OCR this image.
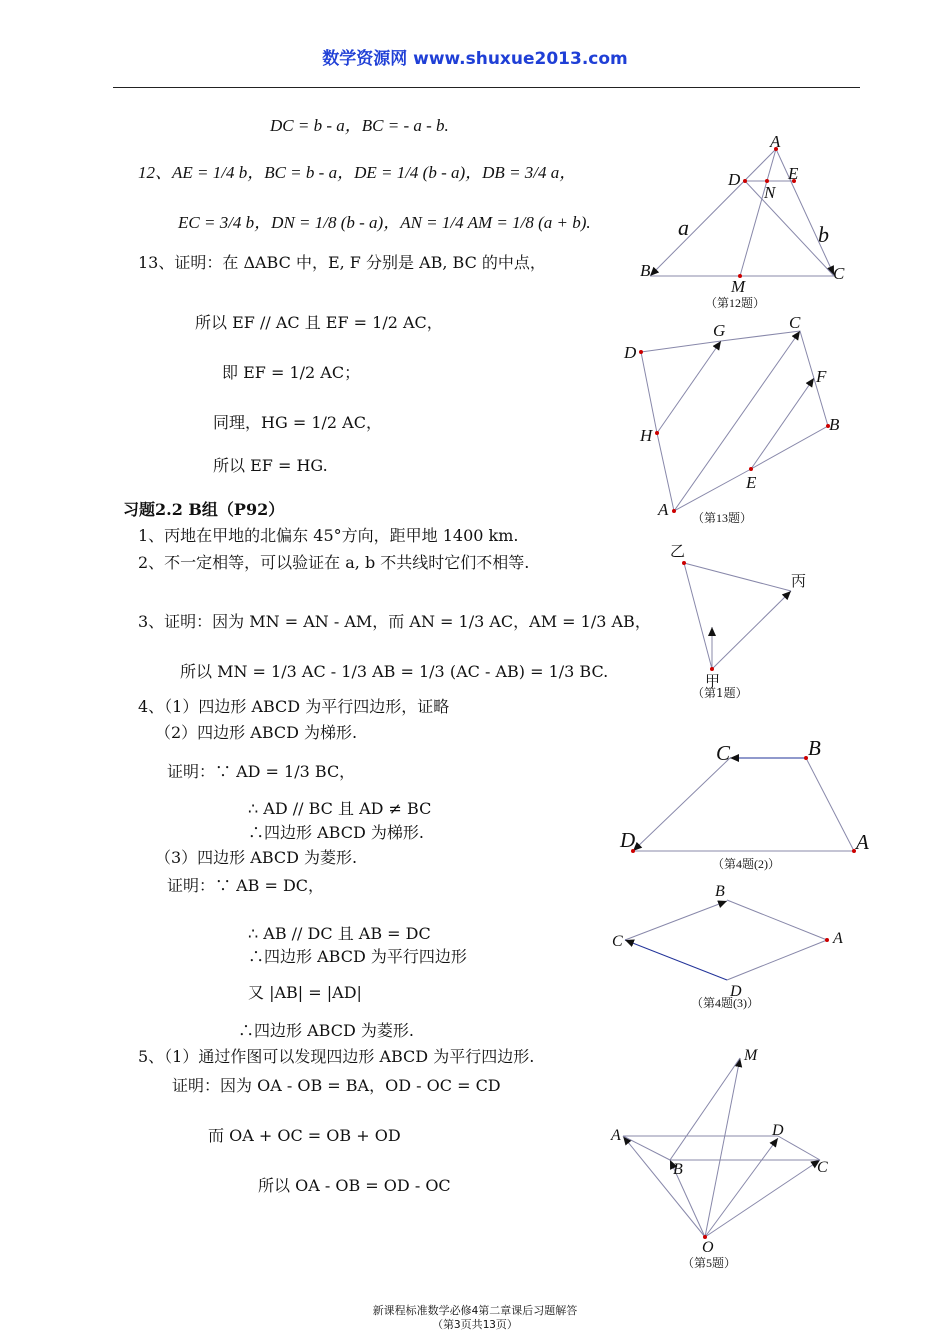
数学资源网 www.shuxue2013.com
DC = b - a，BC = - a - b.
12、AE = 1/4 b，BC = b - a，DE = 1/4 (b - a)，DB = 3/4 a，
EC = 3/4 b，DN = 1/8 (b - a)，AN = 1/4 AM = 1/8 (a + b).
13、证明：在 ΔABC 中，E, F 分别是 AB, BC 的中点，
所以 EF // AC 且 EF = 1/2 AC，
即 EF = 1/2 AC；
同理，HG = 1/2 AC，
所以 EF = HG.
习题2.2 B组（P92）
1、丙地在甲地的北偏东 45°方向，距甲地 1400 km.
2、不一定相等，可以验证在 a, b 不共线时它们不相等.
3、证明：因为 MN = AN - AM，而 AN = 1/3 AC，AM = 1/3 AB，
所以 MN = 1/3 AC - 1/3 AB = 1/3 (AC - AB) = 1/3 BC.
4、（1）四边形 ABCD 为平行四边形，证略
（2）四边形 ABCD 为梯形.
证明：∵ AD = 1/3 BC，
∴ AD // BC 且 AD ≠ BC
∴四边形 ABCD 为梯形.
（3）四边形 ABCD 为菱形.
证明：∵ AB = DC，
∴ AB // DC 且 AB = DC
∴四边形 ABCD 为平行四边形
又 |AB| = |AD|
∴四边形 ABCD 为菱形.
5、（1）通过作图可以发现四边形 ABCD 为平行四边形.
证明：因为 OA - OB = BA，OD - OC = CD
而 OA + OC = OB + OD
所以 OA - OB = OD - OC
A
D
N
E
B
M
C
a	b
（第12题）
C
G
D
F
B
H
E
A （第13题）
乙
丙
甲
（第1题）
C	B
D	A
（第4题(2)）
B
C	A
D
（第4题(3)）
M
A	D
B	C
O
（第5题）
新课程标准数学必修4第二章课后习题解答
（第3页共13页）
